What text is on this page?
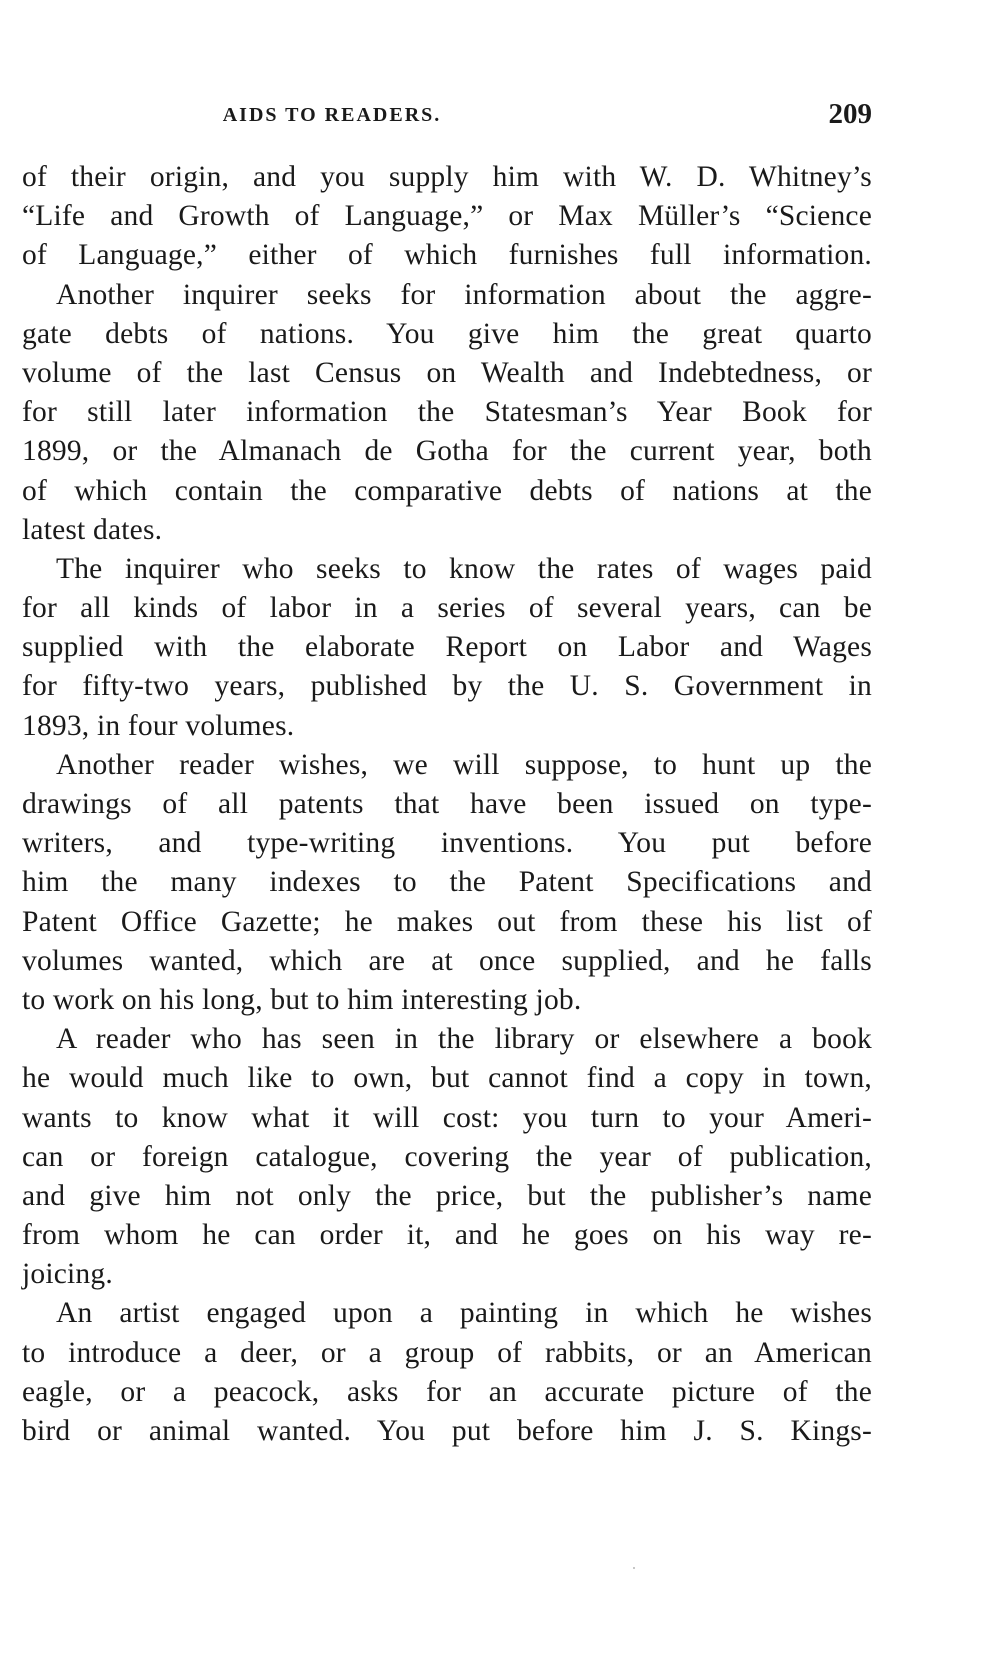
AIDS TO READERS.	209
of their origin, and you supply him with W. D. Whitney’s
“Life and Growth of Language,” or Max Müller’s “Science
of Language,” either of which furnishes full information.
Another inquirer seeks for information about the aggre-
gate debts of nations. You give him the great quarto
volume of the last Census on Wealth and Indebtedness, or
for still later information the Statesman’s Year Book for
1899, or the Almanach de Gotha for the current year, both
of which contain the comparative debts of nations at the
latest dates.
The inquirer who seeks to know the rates of wages paid
for all kinds of labor in a series of several years, can be
supplied with the elaborate Report on Labor and Wages
for fifty-two years, published by the U. S. Government in
1893, in four volumes.
Another reader wishes, we will suppose, to hunt up the
drawings of all patents that have been issued on type-
writers, and type-writing inventions. You put before
him the many indexes to the Patent Specifications and
Patent Office Gazette; he makes out from these his list of
volumes wanted, which are at once supplied, and he falls
to work on his long, but to him interesting job.
A reader who has seen in the library or elsewhere a book
he would much like to own, but cannot find a copy in town,
wants to know what it will cost: you turn to your Ameri-
can or foreign catalogue, covering the year of publication,
and give him not only the price, but the publisher’s name
from whom he can order it, and he goes on his way re-
joicing.
An artist engaged upon a painting in which he wishes
to introduce a deer, or a group of rabbits, or an American
eagle, or a peacock, asks for an accurate picture of the
bird or animal wanted. You put before him J. S. Kings-
